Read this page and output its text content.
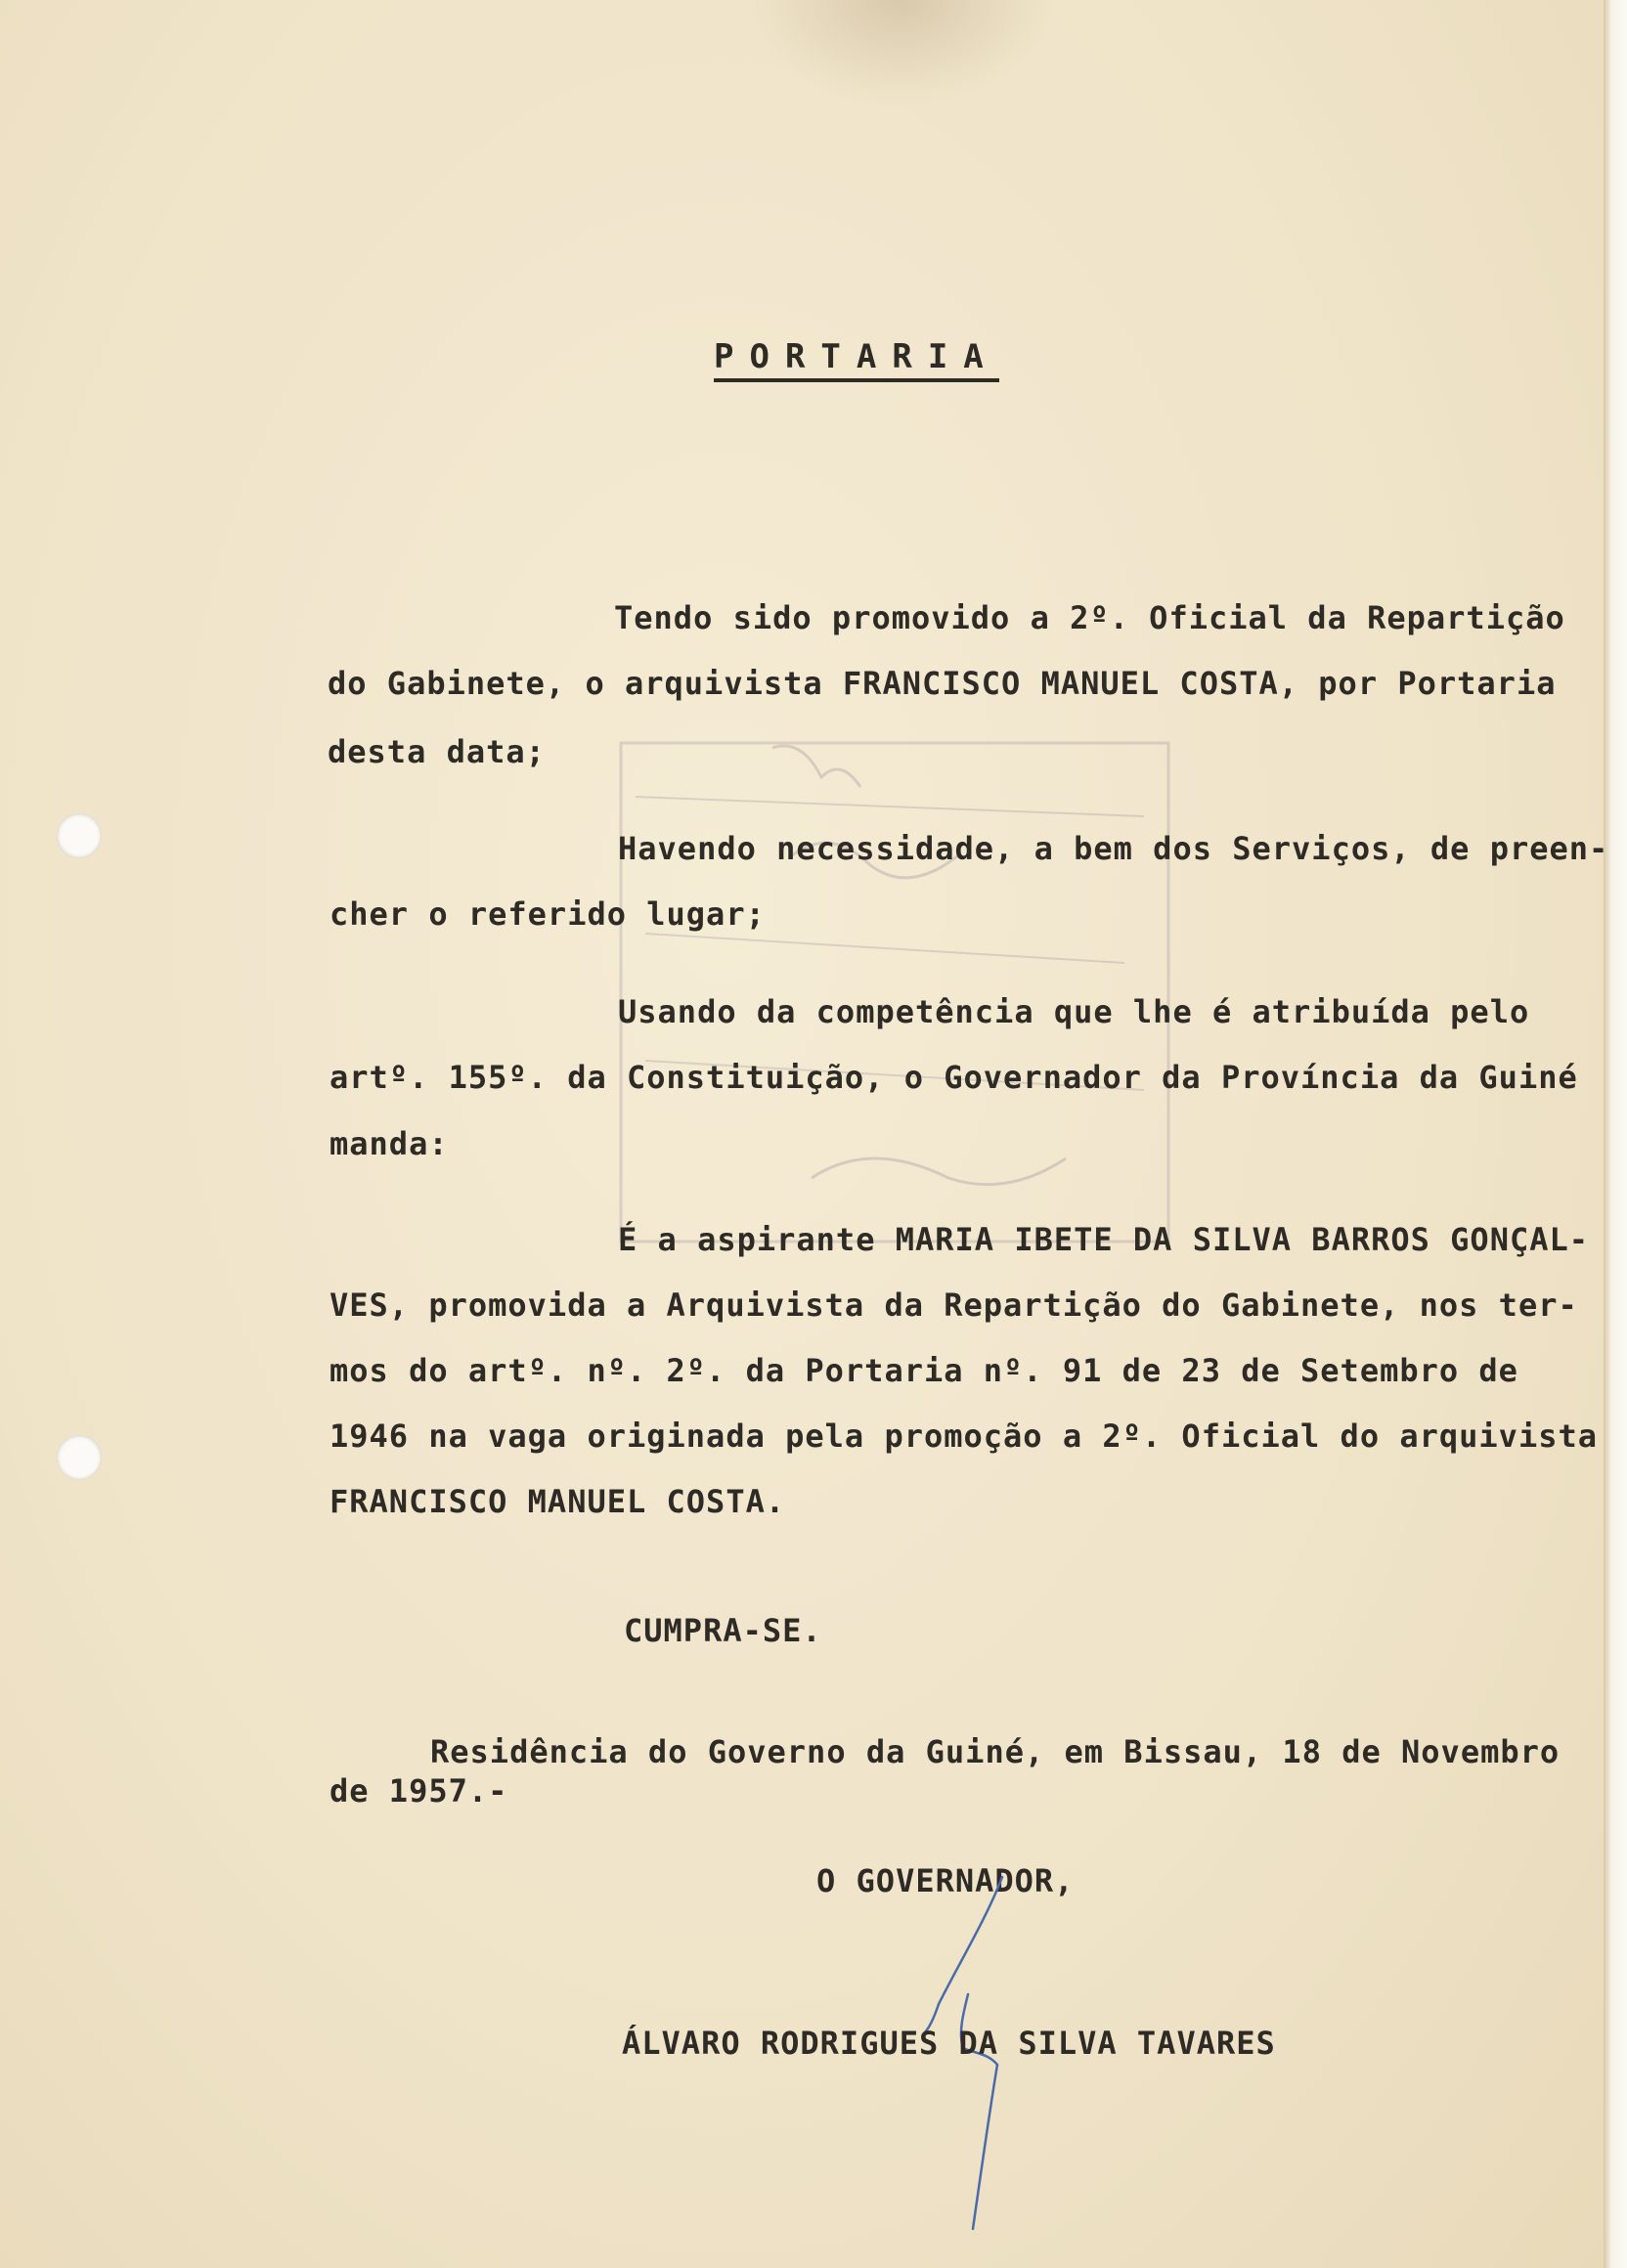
PORTARIA
Tendo sido promovido a 2º. Oficial da Repartição
do Gabinete, o arquivista FRANCISCO MANUEL COSTA, por Portaria
desta data;
Havendo necessidade, a bem dos Serviços, de preen-
cher o referido lugar;
Usando da competência que lhe é atribuída pelo
artº. 155º. da Constituição, o Governador da Província da Guiné
manda:
É a aspirante MARIA IBETE DA SILVA BARROS GONÇAL-
VES, promovida a Arquivista da Repartição do Gabinete, nos ter-
mos do artº. nº. 2º. da Portaria nº. 91 de 23 de Setembro de
1946 na vaga originada pela promoção a 2º. Oficial do arquivista
FRANCISCO MANUEL COSTA.
CUMPRA-SE.
Residência do Governo da Guiné, em Bissau, 18 de Novembro
de 1957.-
O GOVERNADOR,
ÁLVARO RODRIGUES DA SILVA TAVARES
